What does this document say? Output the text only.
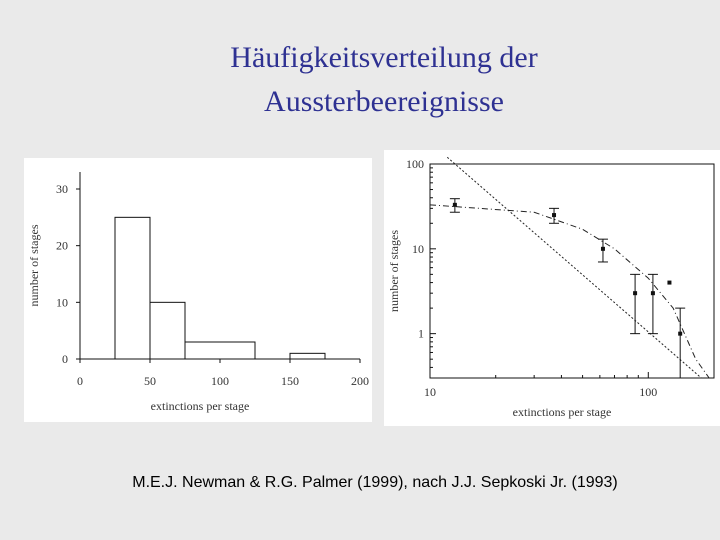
Häufigkeitsverteilung der
Aussterbeereignisse
0	50	100	150	200
0
10
20
30
extinctions per stage
number of stages
10	100
1
10
100
extinctions per stage
number of stages
M.E.J. Newman & R.G. Palmer (1999), nach J.J. Sepkoski Jr. (1993)
